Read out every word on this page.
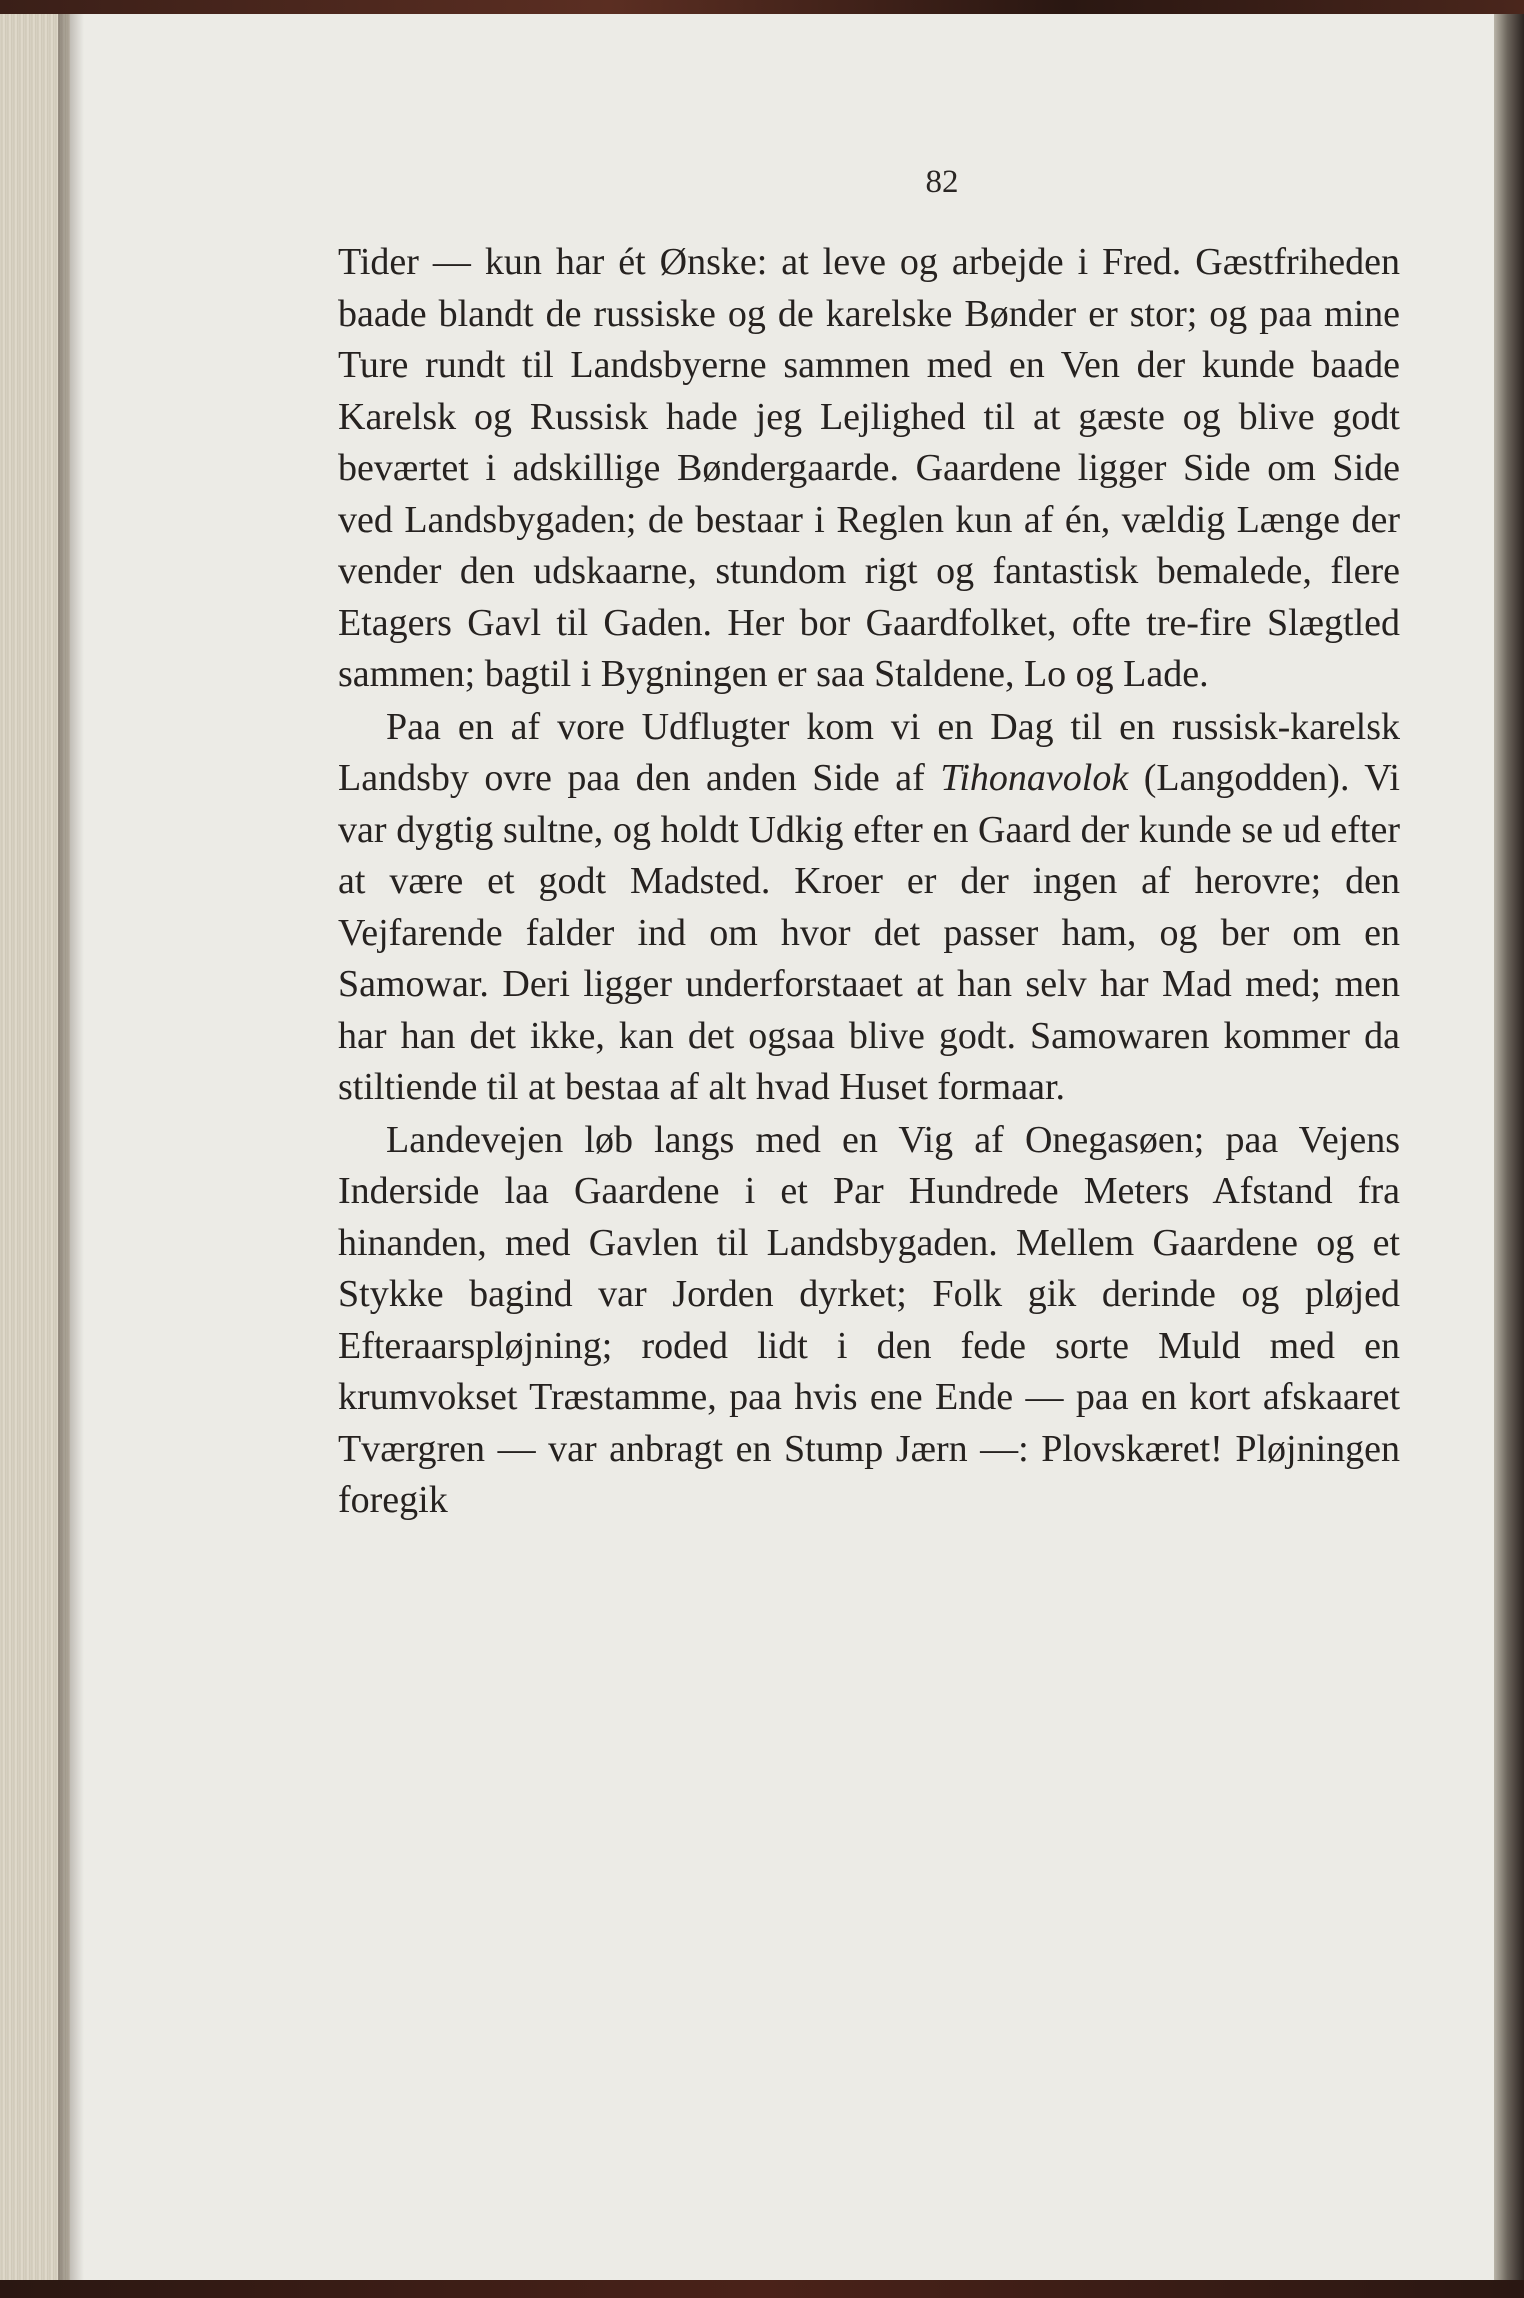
82

Tider — kun har ét Ønske: at leve og arbejde i Fred. Gæstfriheden baade blandt de russiske og de karelske Bønder er stor; og paa mine Ture rundt til Landsbyerne sammen med en Ven der kunde baade Karelsk og Russisk hade jeg Lejlighed til at gæste og blive godt beværtet i adskillige Bøndergaarde. Gaardene ligger Side om Side ved Landsbygaden; de bestaar i Reglen kun af én, vældig Længe der vender den udskaarne, stundom rigt og fantastisk bemalede, flere Etagers Gavl til Gaden. Her bor Gaardfolket, ofte tre-fire Slægtled sammen; bagtil i Bygningen er saa Staldene, Lo og Lade.

Paa en af vore Udflugter kom vi en Dag til en russisk-karelsk Landsby ovre paa den anden Side af Tihonavolok (Langodden). Vi var dygtig sultne, og holdt Udkig efter en Gaard der kunde se ud efter at være et godt Madsted. Kroer er der ingen af herovre; den Vejfarende falder ind om hvor det passer ham, og ber om en Samowar. Deri ligger underforstaaet at han selv har Mad med; men har han det ikke, kan det ogsaa blive godt. Samowaren kommer da stiltiende til at bestaa af alt hvad Huset formaar.

Landevejen løb langs med en Vig af Onegasøen; paa Vejens Inderside laa Gaardene i et Par Hundrede Meters Afstand fra hinanden, med Gavlen til Landsbygaden. Mellem Gaardene og et Stykke bagind var Jorden dyrket; Folk gik derinde og pløjed Efteraarspløjning; roded lidt i den fede sorte Muld med en krumvokset Træstamme, paa hvis ene Ende — paa en kort afskaaret Tværgren — var anbragt en Stump Jærn —: Plovskæret! Pløjningen foregik
